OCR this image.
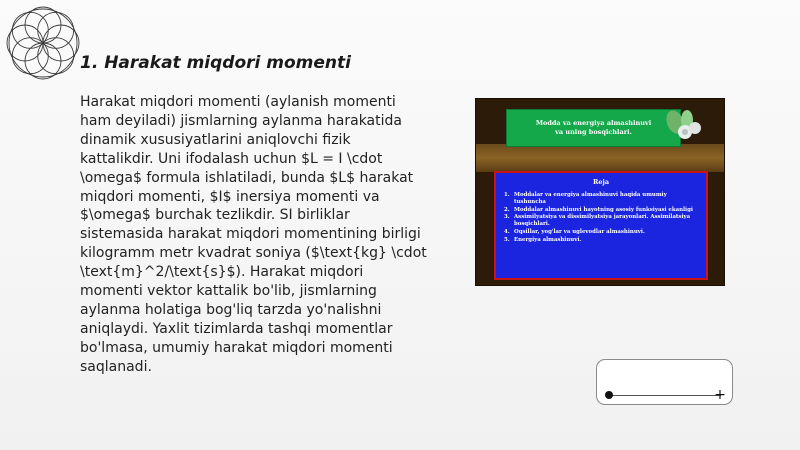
1. Harakat miqdori momenti

Harakat miqdori momenti (aylanish momenti ham deyiladi) jismlarning aylanma harakatida dinamik xususiyatlarini aniqlovchi fizik kattalikdir. Uni ifodalash uchun $L = I \cdot \omega$ formula ishlatiladi, bunda $L$ harakat miqdori momenti, $I$ inersiya momenti va $\omega$ burchak tezlikdir. SI birliklar sistemasida harakat miqdori momentining birligi kilogramm metr kvadrat soniya ($\text{kg} \cdot \text{m}^2/\text{s}$). Harakat miqdori momenti vektor kattalik bo'lib, jismlarning aylanma holatiga bog'liq tarzda yo'nalishni aniqlaydi. Yaxlit tizimlarda tashqi momentlar bo'lmasa, umumiy harakat miqdori momenti saqlanadi.

Modda va energiya almashinuvi
va uning bosqichlari.
Reja
1. Moddalar va energiya almashinuvi haqida umumiy tushuncha
2. Moddalar almashinuvi hayotning asosiy funksiyasi ekanligi
3. Assimilyatsiya va dissimilyatsiya jarayonlari. Assimilatsiya bosqichlari.
4. Oqsillar, yog'lar va uglevodlar almashinuvi.
5. Energiya almashinuvi.
+
